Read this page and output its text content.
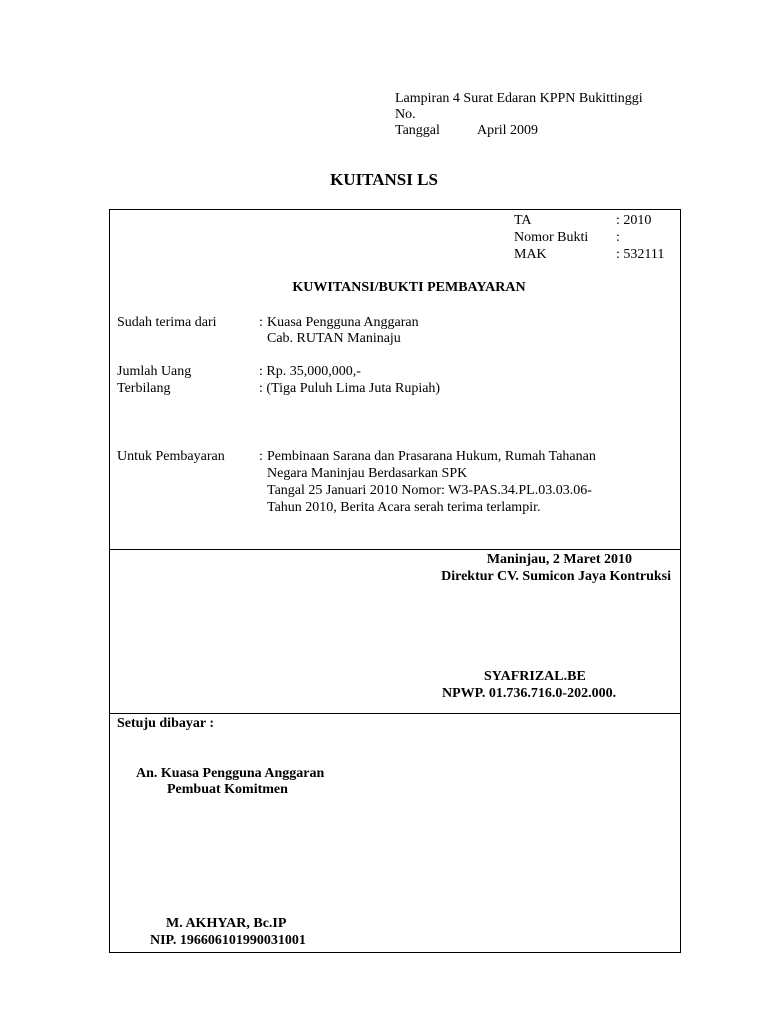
Lampiran 4 Surat Edaran KPPN Bukittinggi
No.
Tanggal	April 2009
KUITANSI LS
TA	: 2010
Nomor Bukti :
MAK	: 532111
KUWITANSI/BUKTI PEMBAYARAN
Sudah terima dari	: Kuasa Pengguna Anggaran
Cab. RUTAN Maninaju
Jumlah Uang	: Rp. 35,000,000,-
Terbilang	: (Tiga Puluh Lima Juta Rupiah)
Untuk Pembayaran : Pembinaan Sarana dan Prasarana Hukum, Rumah Tahanan
Negara Maninjau Berdasarkan SPK
Tangal 25 Januari 2010 Nomor: W3-PAS.34.PL.03.03.06-
Tahun 2010, Berita Acara serah terima terlampir.
Maninjau, 2 Maret 2010
Direktur CV. Sumicon Jaya Kontruksi
SYAFRIZAL.BE
NPWP. 01.736.716.0-202.000.
Setuju dibayar :
An. Kuasa Pengguna Anggaran
Pembuat Komitmen
M. AKHYAR, Bc.IP
NIP. 196606101990031001
